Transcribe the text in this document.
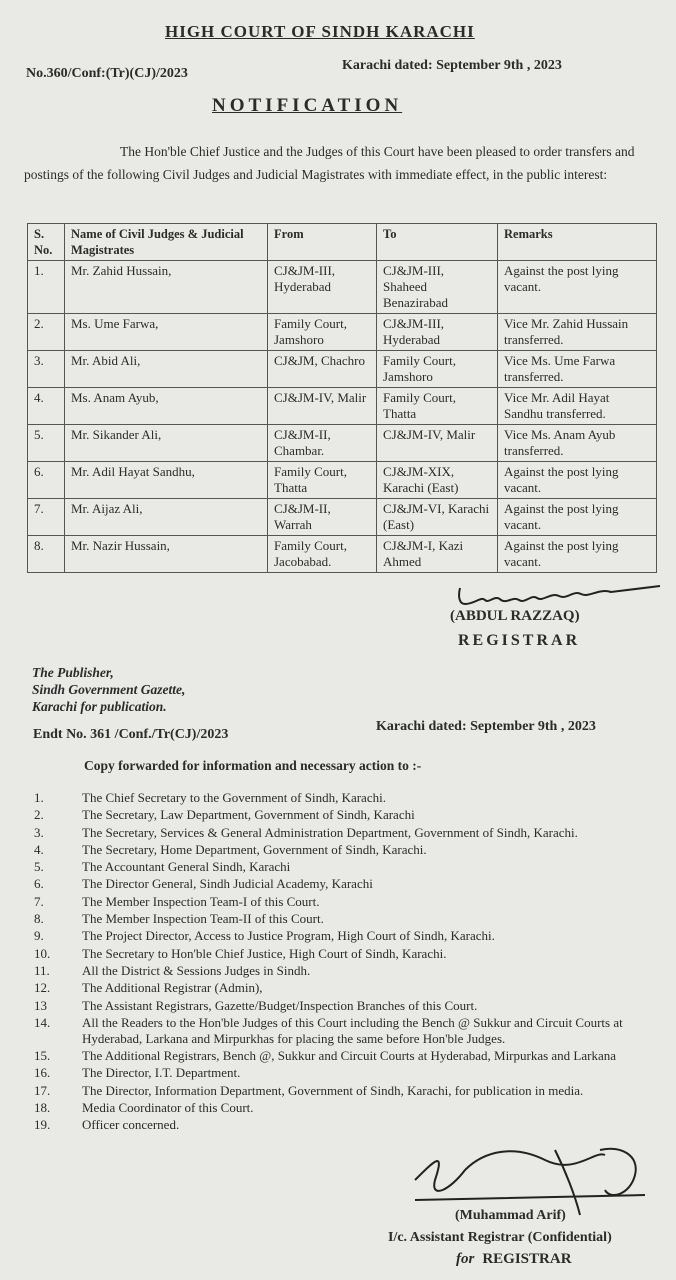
HIGH COURT OF SINDH KARACHI
No.360/Conf:(Tr)(CJ)/2023
Karachi dated: September 9th , 2023
NOTIFICATION
The Hon'ble Chief Justice and the Judges of this Court have been pleased to order transfers and postings of the following Civil Judges and Judicial Magistrates with immediate effect, in the public interest:
S. No.	Name of Civil Judges & Judicial Magistrates	From	To	Remarks
1.	Mr. Zahid Hussain,	CJ&JM-III, Hyderabad	CJ&JM-III, Shaheed Benazirabad	Against the post lying vacant.
2.	Ms. Ume Farwa,	Family Court, Jamshoro	CJ&JM-III, Hyderabad	Vice Mr. Zahid Hussain transferred.
3.	Mr. Abid Ali,	CJ&JM, Chachro	Family Court, Jamshoro	Vice Ms. Ume Farwa transferred.
4.	Ms. Anam Ayub,	CJ&JM-IV, Malir	Family Court, Thatta	Vice Mr. Adil Hayat Sandhu transferred.
5.	Mr. Sikander Ali,	CJ&JM-II, Chambar.	CJ&JM-IV, Malir	Vice Ms. Anam Ayub transferred.
6.	Mr. Adil Hayat Sandhu,	Family Court, Thatta	CJ&JM-XIX, Karachi (East)	Against the post lying vacant.
7.	Mr. Aijaz Ali,	CJ&JM-II, Warrah	CJ&JM-VI, Karachi (East)	Against the post lying vacant.
8.	Mr. Nazir Hussain,	Family Court, Jacobabad.	CJ&JM-I, Kazi Ahmed	Against the post lying vacant.
(ABDUL RAZZAQ)
REGISTRAR
The Publisher,
Sindh Government Gazette,
Karachi for publication.
Endt No. 361 /Conf./Tr(CJ)/2023
Karachi dated: September 9th , 2023
Copy forwarded for information and necessary action to :-
1.	The Chief Secretary to the Government of Sindh, Karachi.
2.	The Secretary, Law Department, Government of Sindh, Karachi
3.	The Secretary, Services & General Administration Department, Government of Sindh, Karachi.
4.	The Secretary, Home Department, Government of Sindh, Karachi.
5.	The Accountant General Sindh, Karachi
6.	The Director General, Sindh Judicial Academy, Karachi
7.	The Member Inspection Team-I of this Court.
8.	The Member Inspection Team-II of this Court.
9.	The Project Director, Access to Justice Program, High Court of Sindh, Karachi.
10.	The Secretary to Hon'ble Chief Justice, High Court of Sindh, Karachi.
11.	All the District & Sessions Judges in Sindh.
12.	The Additional Registrar (Admin),
13	The Assistant Registrars, Gazette/Budget/Inspection Branches of this Court.
14.	All the Readers to the Hon'ble Judges of this Court including the Bench @ Sukkur and Circuit Courts at Hyderabad, Larkana and Mirpurkhas for placing the same before Hon'ble Judges.
15.	The Additional Registrars, Bench @, Sukkur and Circuit Courts at Hyderabad, Mirpurkas and Larkana
16.	The Director, I.T. Department.
17.	The Director, Information Department, Government of Sindh, Karachi, for publication in media.
18.	Media Coordinator of this Court.
19.	Officer concerned.
(Muhammad Arif)
I/c. Assistant Registrar (Confidential)
for REGISTRAR
